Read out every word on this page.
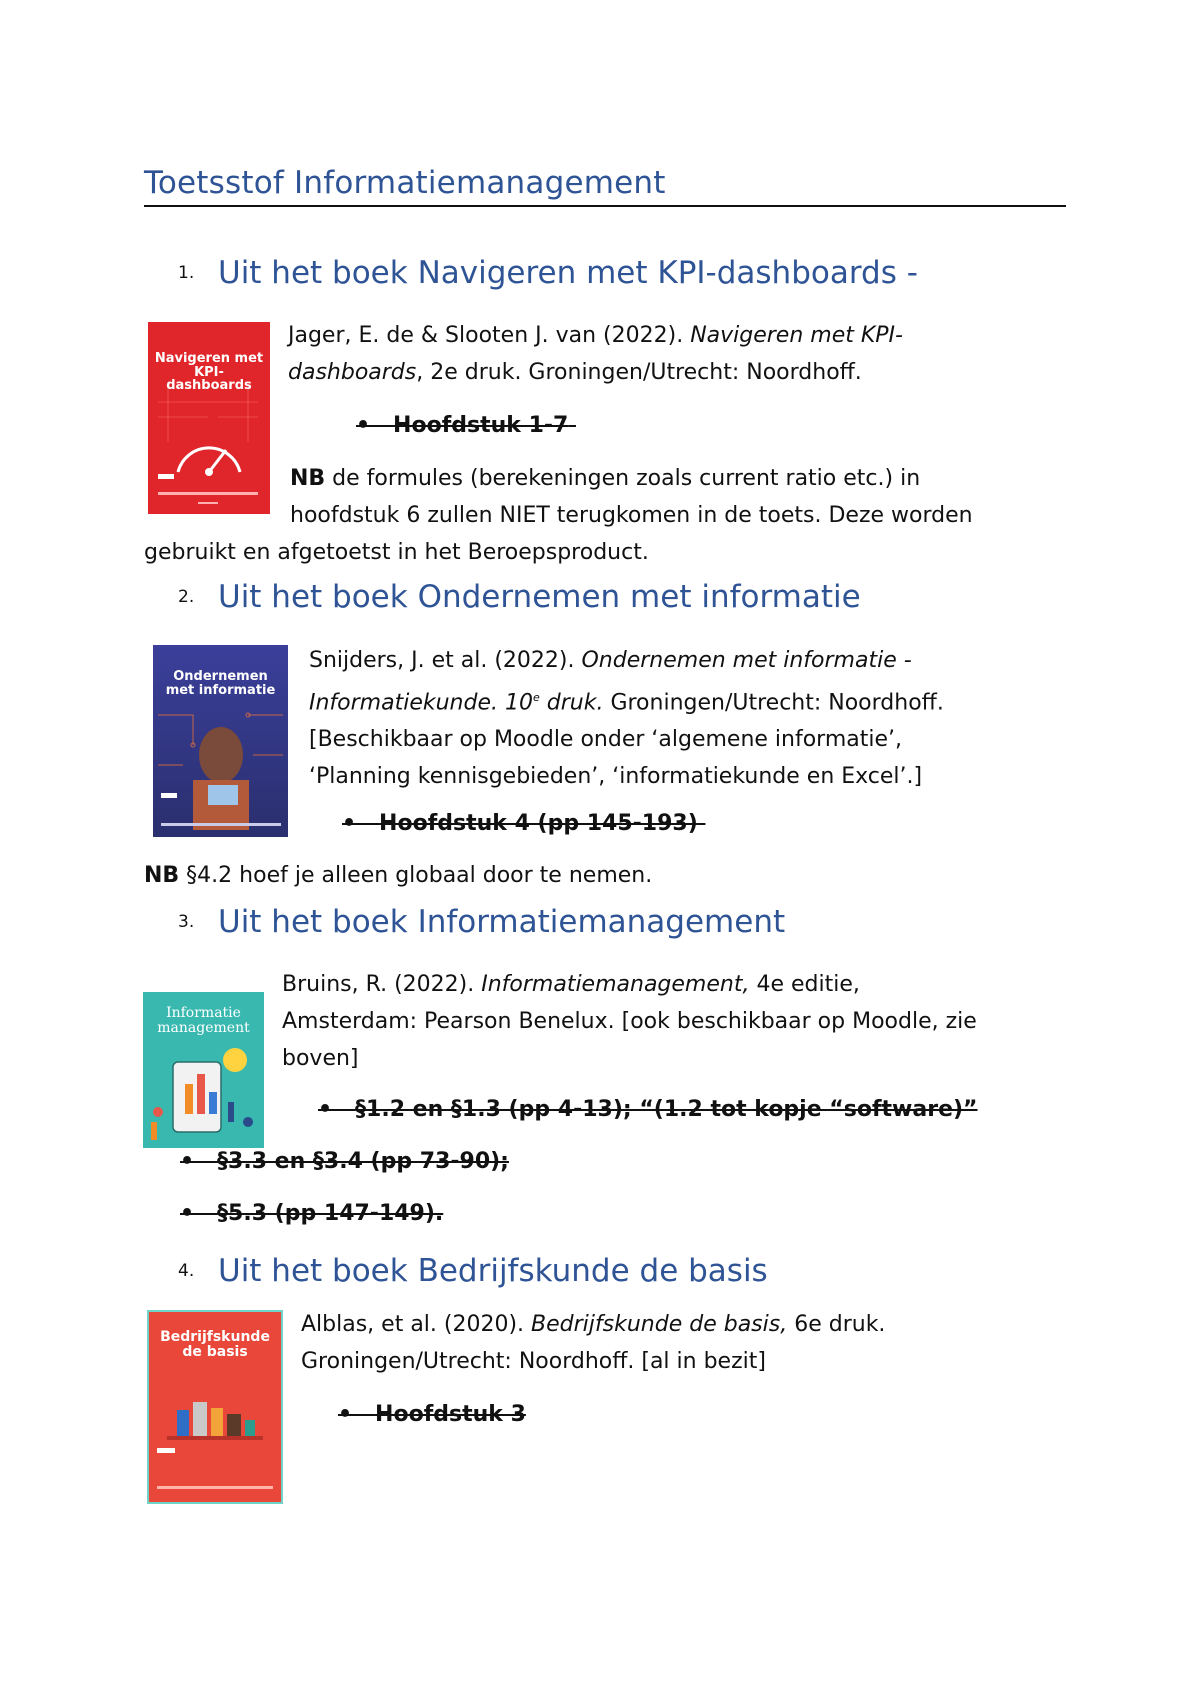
Toetsstof Informatiemanagement
1. Uit het boek Navigeren met KPI-dashboards -
Navigeren met KPI-dashboards
Jager, E. de & Slooten J. van (2022). Navigeren met KPI-
dashboards, 2e druk. Groningen/Utrecht: Noordhoff.
•   Hoofdstuk 1-7
NB de formules (berekeningen zoals current ratio etc.) in
hoofdstuk 6 zullen NIET terugkomen in de toets. Deze worden
gebruikt en afgetoetst in het Beroepsproduct.
2. Uit het boek Ondernemen met informatie
Ondernemen met informatie
Snijders, J. et al. (2022). Ondernemen met informatie -
Informatiekunde. 10e druk. Groningen/Utrecht: Noordhoff.
[Beschikbaar op Moodle onder ‘algemene informatie’,
‘Planning kennisgebieden’, ‘informatiekunde en Excel’.]
•   Hoofdstuk 4 (pp 145-193)
NB §4.2 hoef je alleen globaal door te nemen.
3. Uit het boek Informatiemanagement
Informatie management
Bruins, R. (2022). Informatiemanagement, 4e editie,
Amsterdam: Pearson Benelux. [ook beschikbaar op Moodle, zie
boven]
•   §1.2 en §1.3 (pp 4-13); “(1.2 tot kopje “software)”
•   §3.3 en §3.4 (pp 73-90);
•   §5.3 (pp 147-149).
4. Uit het boek Bedrijfskunde de basis
Bedrijfskunde de basis
Alblas, et al. (2020). Bedrijfskunde de basis, 6e druk.
Groningen/Utrecht: Noordhoff. [al in bezit]
•   Hoofdstuk 3
